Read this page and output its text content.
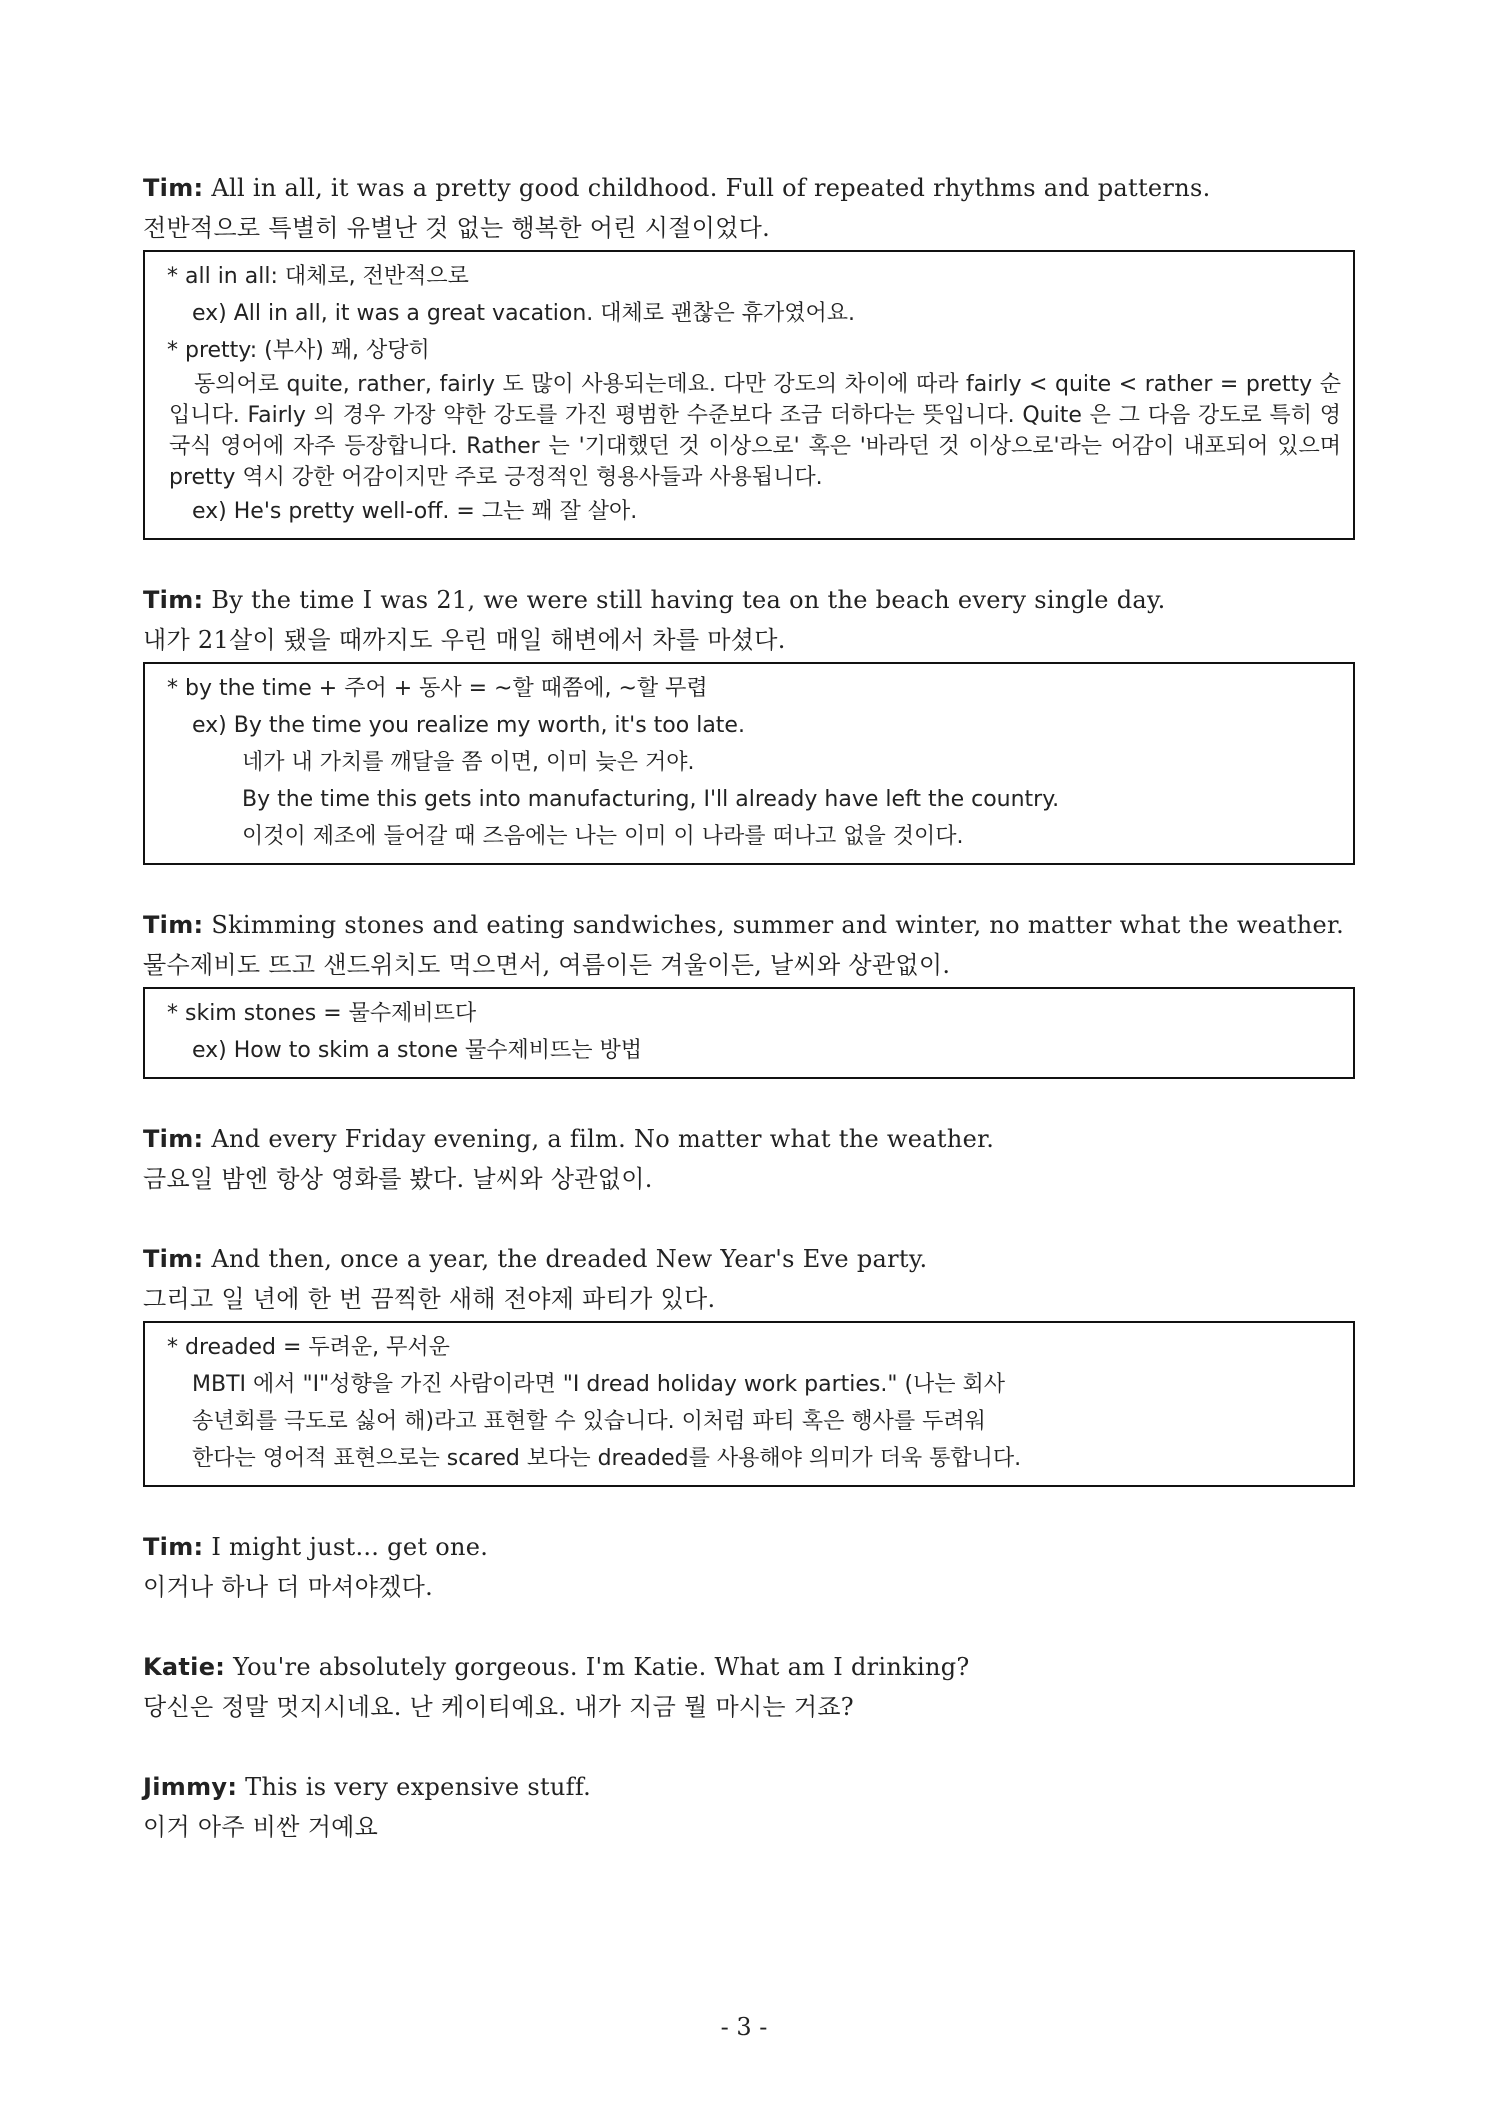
Tim: All in all, it was a pretty good childhood. Full of repeated rhythms and patterns.
전반적으로 특별히 유별난 것 없는 행복한 어린 시절이었다.
* all in all: 대체로, 전반적으로
ex) All in all, it was a great vacation. 대체로 괜찮은 휴가였어요.
* pretty: (부사) 꽤, 상당히
동의어로 quite, rather, fairly 도 많이 사용되는데요. 다만 강도의 차이에 따라 fairly < quite < rather = pretty 순입니다. Fairly 의 경우 가장 약한 강도를 가진 평범한 수준보다 조금 더하다는 뜻입니다. Quite 은 그 다음 강도로 특히 영국식 영어에 자주 등장합니다. Rather 는 '기대했던 것 이상으로' 혹은 '바라던 것 이상으로'라는 어감이 내포되어 있으며 pretty 역시 강한 어감이지만 주로 긍정적인 형용사들과 사용됩니다.
ex) He's pretty well-off. = 그는 꽤 잘 살아.
Tim: By the time I was 21, we were still having tea on the beach every single day.
내가 21살이 됐을 때까지도 우린 매일 해변에서 차를 마셨다.
* by the time + 주어 + 동사 = ~할 때쯤에, ~할 무렵
ex) By the time you realize my worth, it's too late.
네가 내 가치를 깨달을 쯤 이면, 이미 늦은 거야.
By the time this gets into manufacturing, I'll already have left the country.
이것이 제조에 들어갈 때 즈음에는 나는 이미 이 나라를 떠나고 없을 것이다.
Tim: Skimming stones and eating sandwiches, summer and winter, no matter what the weather.
물수제비도 뜨고 샌드위치도 먹으면서, 여름이든 겨울이든, 날씨와 상관없이.
* skim stones = 물수제비뜨다
ex) How to skim a stone 물수제비뜨는 방법
Tim: And every Friday evening, a film. No matter what the weather.
금요일 밤엔 항상 영화를 봤다. 날씨와 상관없이.
Tim: And then, once a year, the dreaded New Year's Eve party.
그리고 일 년에 한 번 끔찍한 새해 전야제 파티가 있다.
* dreaded = 두려운, 무서운
MBTI 에서 "I"성향을 가진 사람이라면 "I dread holiday work parties." (나는 회사
송년회를 극도로 싫어 해)라고 표현할 수 있습니다. 이처럼 파티 혹은 행사를 두려워
한다는 영어적 표현으로는 scared 보다는 dreaded를 사용해야 의미가 더욱 통합니다.
Tim: I might just... get one.
이거나 하나 더 마셔야겠다.
Katie: You're absolutely gorgeous. I'm Katie. What am I drinking?
당신은 정말 멋지시네요. 난 케이티예요. 내가 지금 뭘 마시는 거죠?
Jimmy: This is very expensive stuff.
이거 아주 비싼 거예요
- 3 -
